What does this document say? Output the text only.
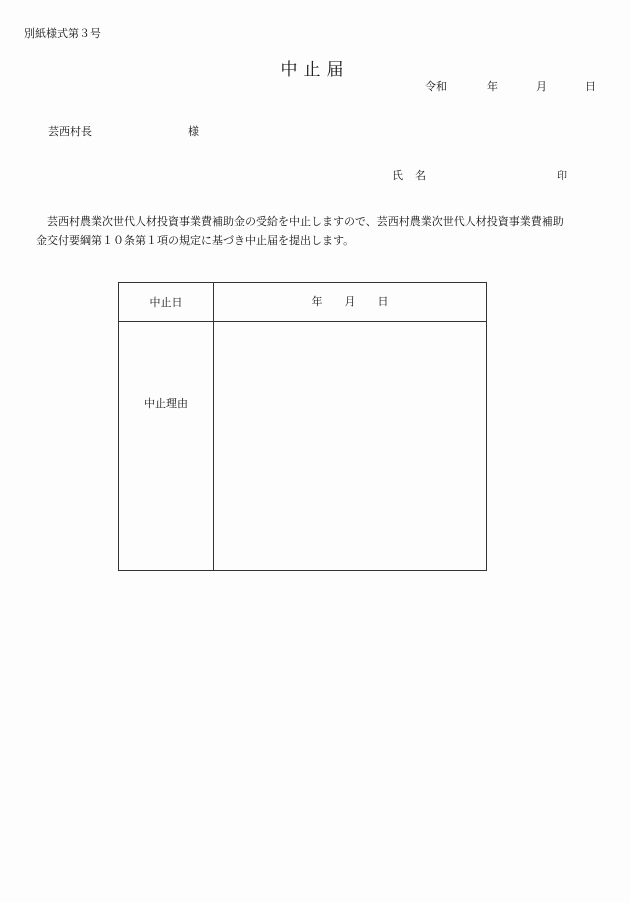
別紙様式第３号
中止届
令和	年	月	日
芸西村長	様
氏名	印
芸西村農業次世代人材投資事業費補助金の受給を中止しますので、芸西村農業次世代人材投資事業費補助
金交付要綱第１０条第１項の規定に基づき中止届を提出します。
中止日	年 月 日

中止理由	
